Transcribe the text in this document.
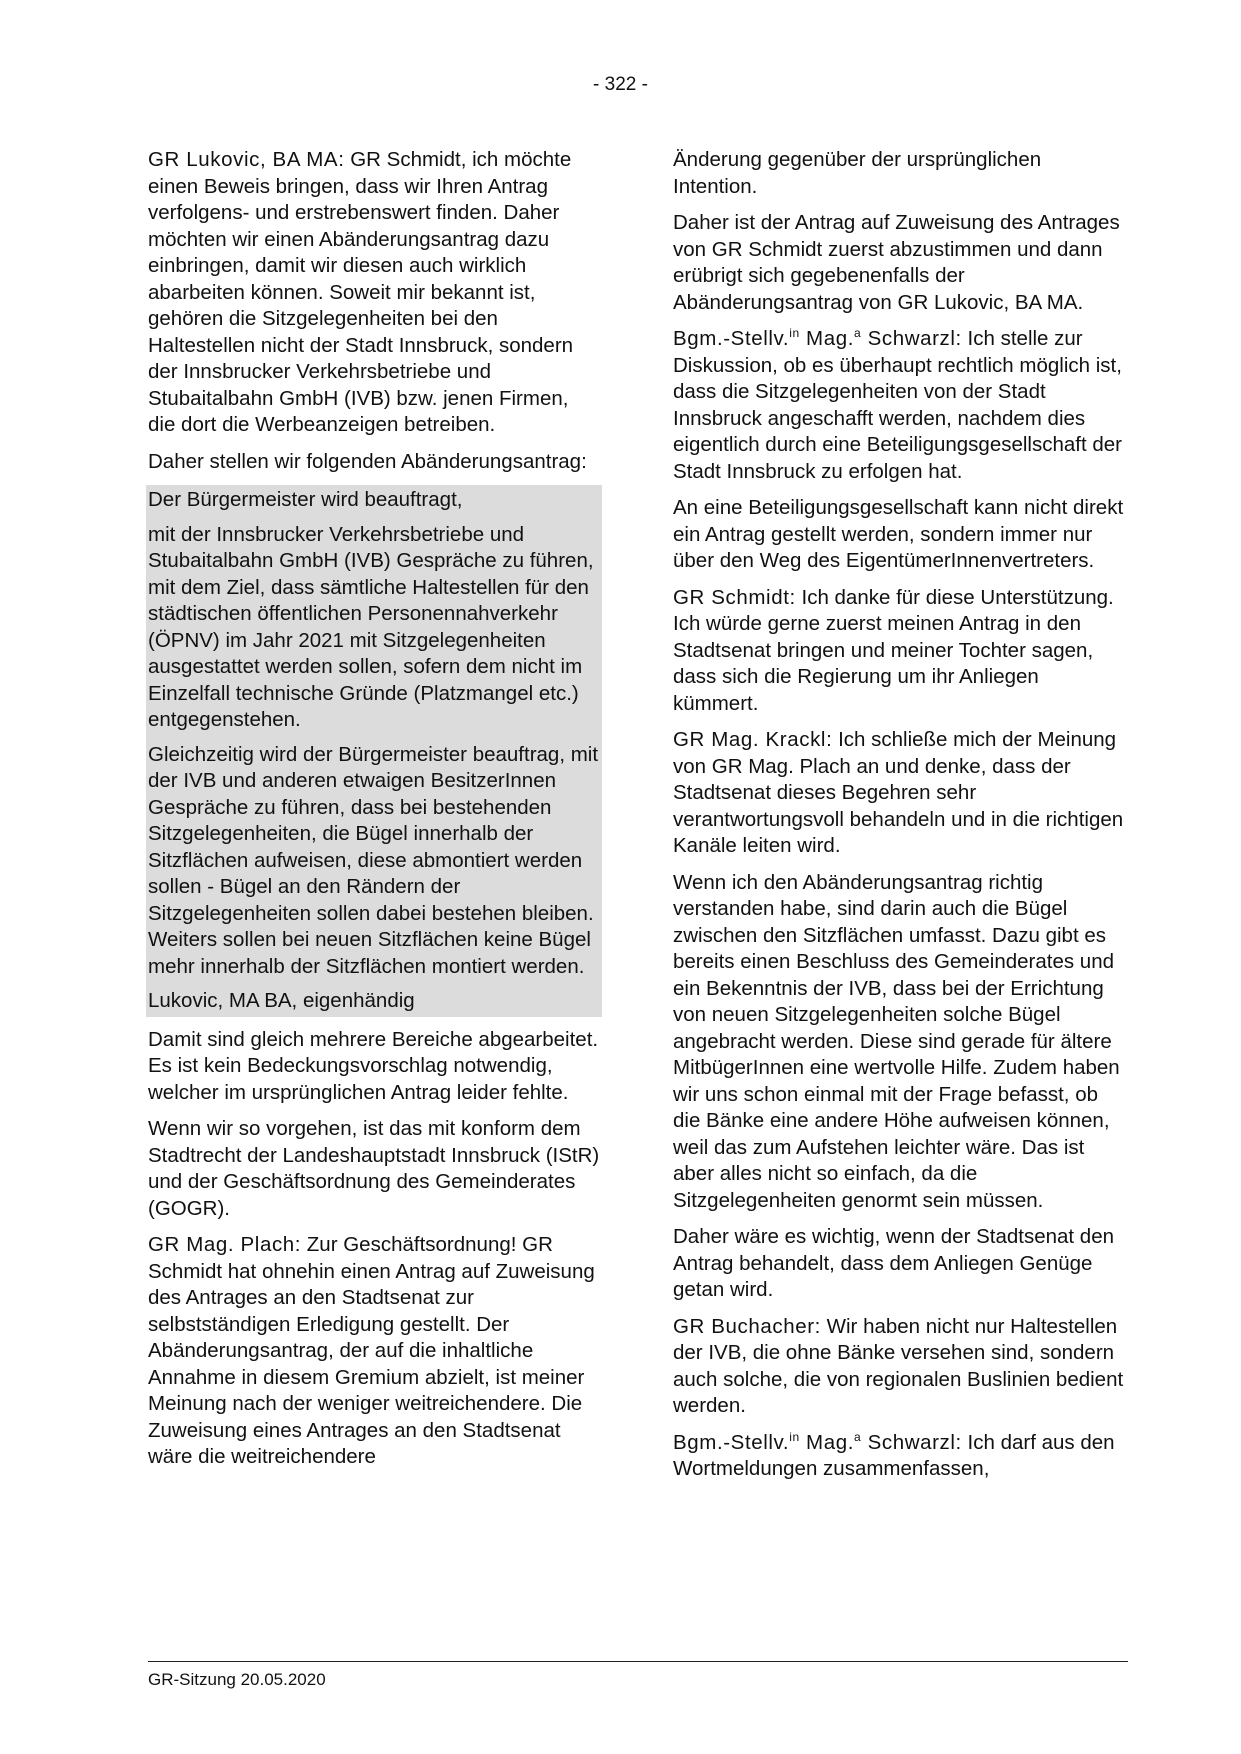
- 322 -

GR Lukovic, BA MA: GR Schmidt, ich möchte einen Beweis bringen, dass wir Ihren Antrag verfolgens- und erstrebenswert finden. Daher möchten wir einen Abänderungsantrag dazu einbringen, damit wir diesen auch wirklich abarbeiten können. Soweit mir bekannt ist, gehören die Sitzgelegenheiten bei den Haltestellen nicht der Stadt Innsbruck, sondern der Innsbrucker Verkehrsbetriebe und Stubaitalbahn GmbH (IVB) bzw. jenen Firmen, die dort die Werbeanzeigen betreiben.

Daher stellen wir folgenden Abänderungsantrag:

Der Bürgermeister wird beauftragt,

mit der Innsbrucker Verkehrsbetriebe und Stubaitalbahn GmbH (IVB) Gespräche zu führen, mit dem Ziel, dass sämtliche Haltestellen für den städtischen öffentlichen Personennahverkehr (ÖPNV) im Jahr 2021 mit Sitzgelegenheiten ausgestattet werden sollen, sofern dem nicht im Einzelfall technische Gründe (Platzmangel etc.) entgegenstehen.

Gleichzeitig wird der Bürgermeister beauftrag, mit der IVB und anderen etwaigen BesitzerInnen Gespräche zu führen, dass bei bestehenden Sitzgelegenheiten, die Bügel innerhalb der Sitzflächen aufweisen, diese abmontiert werden sollen - Bügel an den Rändern der Sitzgelegenheiten sollen dabei bestehen bleiben. Weiters sollen bei neuen Sitzflächen keine Bügel mehr innerhalb der Sitzflächen montiert werden.

Lukovic, MA BA, eigenhändig

Damit sind gleich mehrere Bereiche abgearbeitet. Es ist kein Bedeckungsvorschlag notwendig, welcher im ursprünglichen Antrag leider fehlte.

Wenn wir so vorgehen, ist das mit konform dem Stadtrecht der Landeshauptstadt Innsbruck (IStR) und der Geschäftsordnung des Gemeinderates (GOGR).

GR Mag. Plach: Zur Geschäftsordnung! GR Schmidt hat ohnehin einen Antrag auf Zuweisung des Antrages an den Stadtsenat zur selbstständigen Erledigung gestellt. Der Abänderungsantrag, der auf die inhaltliche Annahme in diesem Gremium abzielt, ist meiner Meinung nach der weniger weitreichendere. Die Zuweisung eines Antrages an den Stadtsenat wäre die weitreichendere

Änderung gegenüber der ursprünglichen Intention.

Daher ist der Antrag auf Zuweisung des Antrages von GR Schmidt zuerst abzustimmen und dann erübrigt sich gegebenenfalls der Abänderungsantrag von GR Lukovic, BA MA.

Bgm.-Stellv.$^{in}$ Mag.$^a$ Schwarzl: Ich stelle zur Diskussion, ob es überhaupt rechtlich möglich ist, dass die Sitzgelegenheiten von der Stadt Innsbruck angeschafft werden, nachdem dies eigentlich durch eine Beteiligungsgesellschaft der Stadt Innsbruck zu erfolgen hat.

An eine Beteiligungsgesellschaft kann nicht direkt ein Antrag gestellt werden, sondern immer nur über den Weg des EigentümerInnenvertreters.

GR Schmidt: Ich danke für diese Unterstützung. Ich würde gerne zuerst meinen Antrag in den Stadtsenat bringen und meiner Tochter sagen, dass sich die Regierung um ihr Anliegen kümmert.

GR Mag. Krackl: Ich schließe mich der Meinung von GR Mag. Plach an und denke, dass der Stadtsenat dieses Begehren sehr verantwortungsvoll behandeln und in die richtigen Kanäle leiten wird.

Wenn ich den Abänderungsantrag richtig verstanden habe, sind darin auch die Bügel zwischen den Sitzflächen umfasst. Dazu gibt es bereits einen Beschluss des Gemeinderates und ein Bekenntnis der IVB, dass bei der Errichtung von neuen Sitzgelegenheiten solche Bügel angebracht werden. Diese sind gerade für ältere MitbügerInnen eine wertvolle Hilfe. Zudem haben wir uns schon einmal mit der Frage befasst, ob die Bänke eine andere Höhe aufweisen können, weil das zum Aufstehen leichter wäre. Das ist aber alles nicht so einfach, da die Sitzgelegenheiten genormt sein müssen.

Daher wäre es wichtig, wenn der Stadtsenat den Antrag behandelt, dass dem Anliegen Genüge getan wird.

GR Buchacher: Wir haben nicht nur Haltestellen der IVB, die ohne Bänke versehen sind, sondern auch solche, die von regionalen Buslinien bedient werden.

Bgm.-Stellv.$^{in}$ Mag.$^a$ Schwarzl: Ich darf aus den Wortmeldungen zusammenfassen,

GR-Sitzung 20.05.2020
